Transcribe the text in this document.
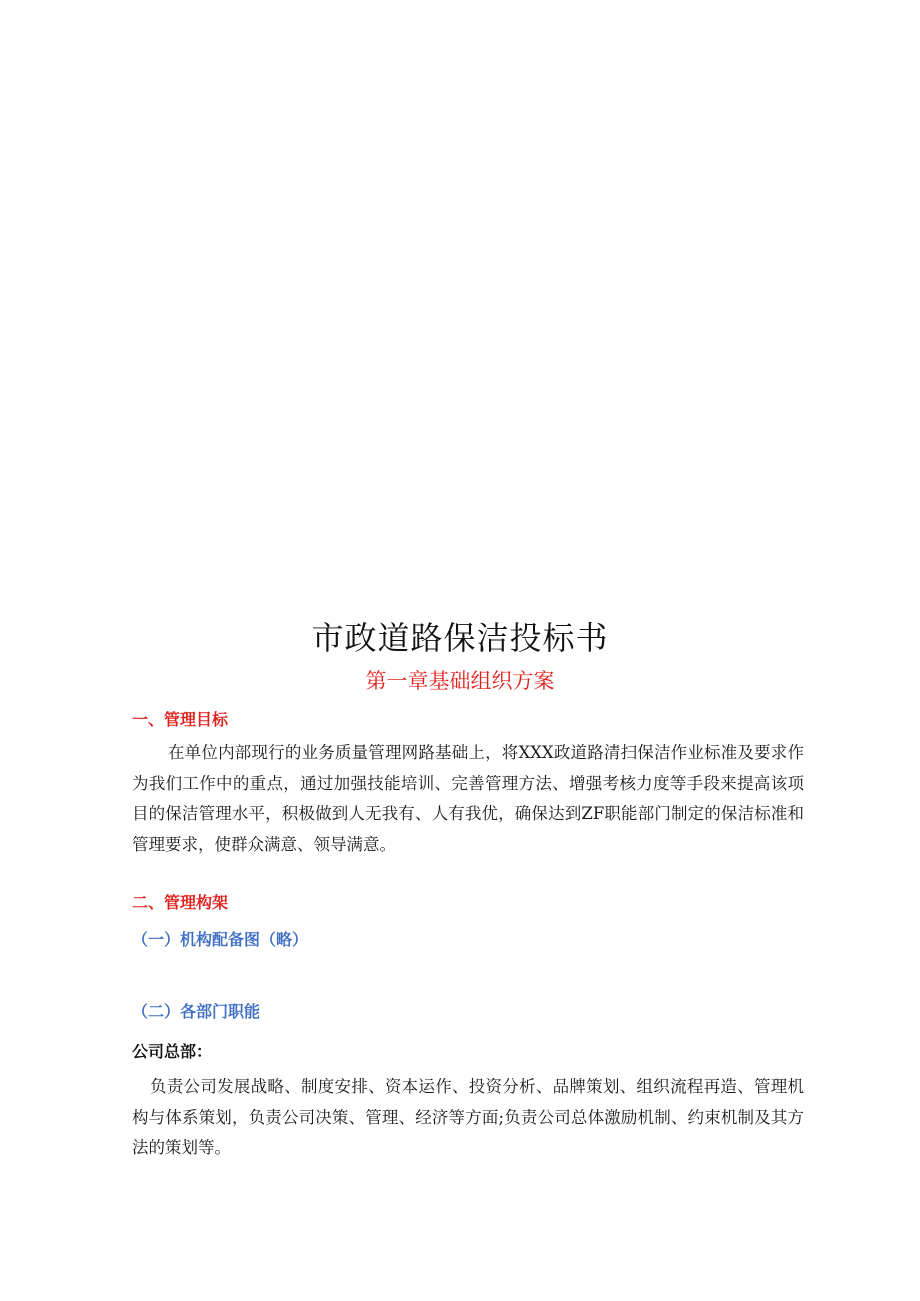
市政道路保洁投标书
第一章基础组织方案
一、管理目标
在单位内部现行的业务质量管理网路基础上，将XXX政道路清扫保洁作业标准及要求作为我们工作中的重点，通过加强技能培训、完善管理方法、增强考核力度等手段来提高该项目的保洁管理水平，积极做到人无我有、人有我优，确保达到ZF职能部门制定的保洁标准和管理要求，使群众满意、领导满意。
二、管理构架
（一）机构配备图（略）
（二）各部门职能
公司总部：
负责公司发展战略、制度安排、资本运作、投资分析、品牌策划、组织流程再造、管理机构与体系策划，负责公司决策、管理、经济等方面;负责公司总体激励机制、约束机制及其方法的策划等。
